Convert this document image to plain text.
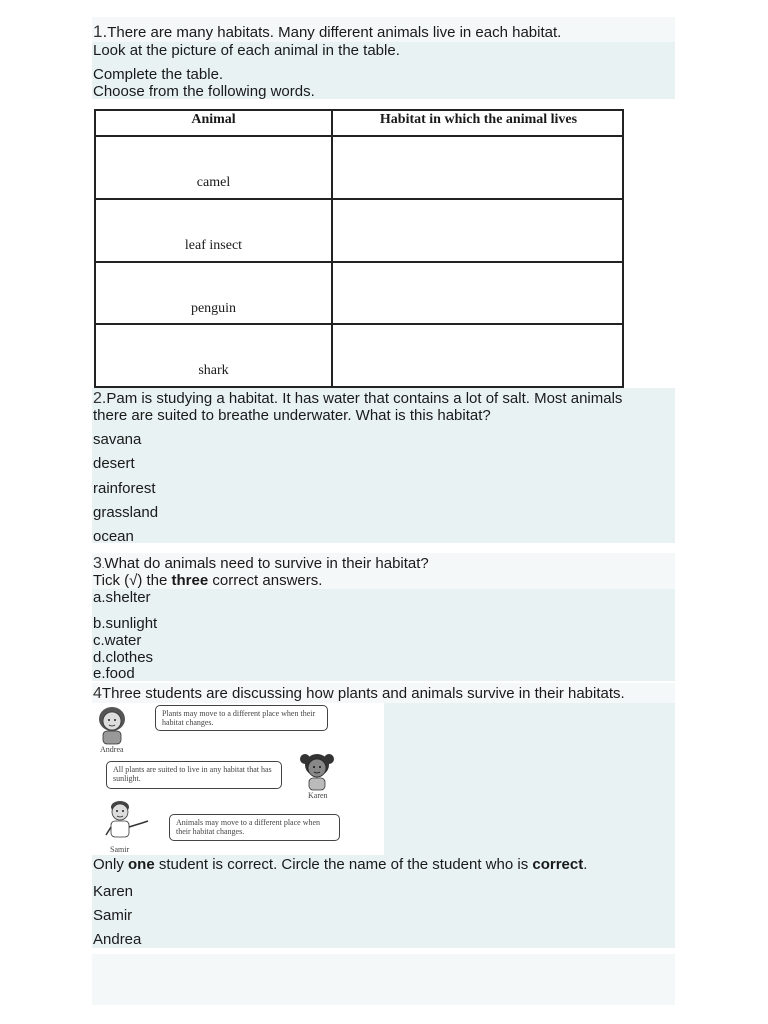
1.There are many habitats. Many different animals live in each habitat.
Look at the picture of each animal in the table.
Complete the table.
Choose from the following words.
Animal	Habitat in which the animal lives
camel
leaf insect
penguin
shark
2.Pam is studying a habitat. It has water that contains a lot of salt. Most animals
there are suited to breathe underwater. What is this habitat?
savana
desert
rainforest
grassland
ocean
3.What do animals need to survive in their habitat?
Tick (√) the three correct answers.
a.shelter
b.sunlight
c.water
d.clothes
e.food
4Three students are discussing how plants and animals survive in their habitats.
Andrea
Plants may move to a different place when their habitat changes.
All plants are suited to live in any habitat that has sunlight.
Karen
Samir
Animals may move to a different place when their habitat changes.
Only one student is correct. Circle the name of the student who is correct.
Karen
Samir
Andrea
